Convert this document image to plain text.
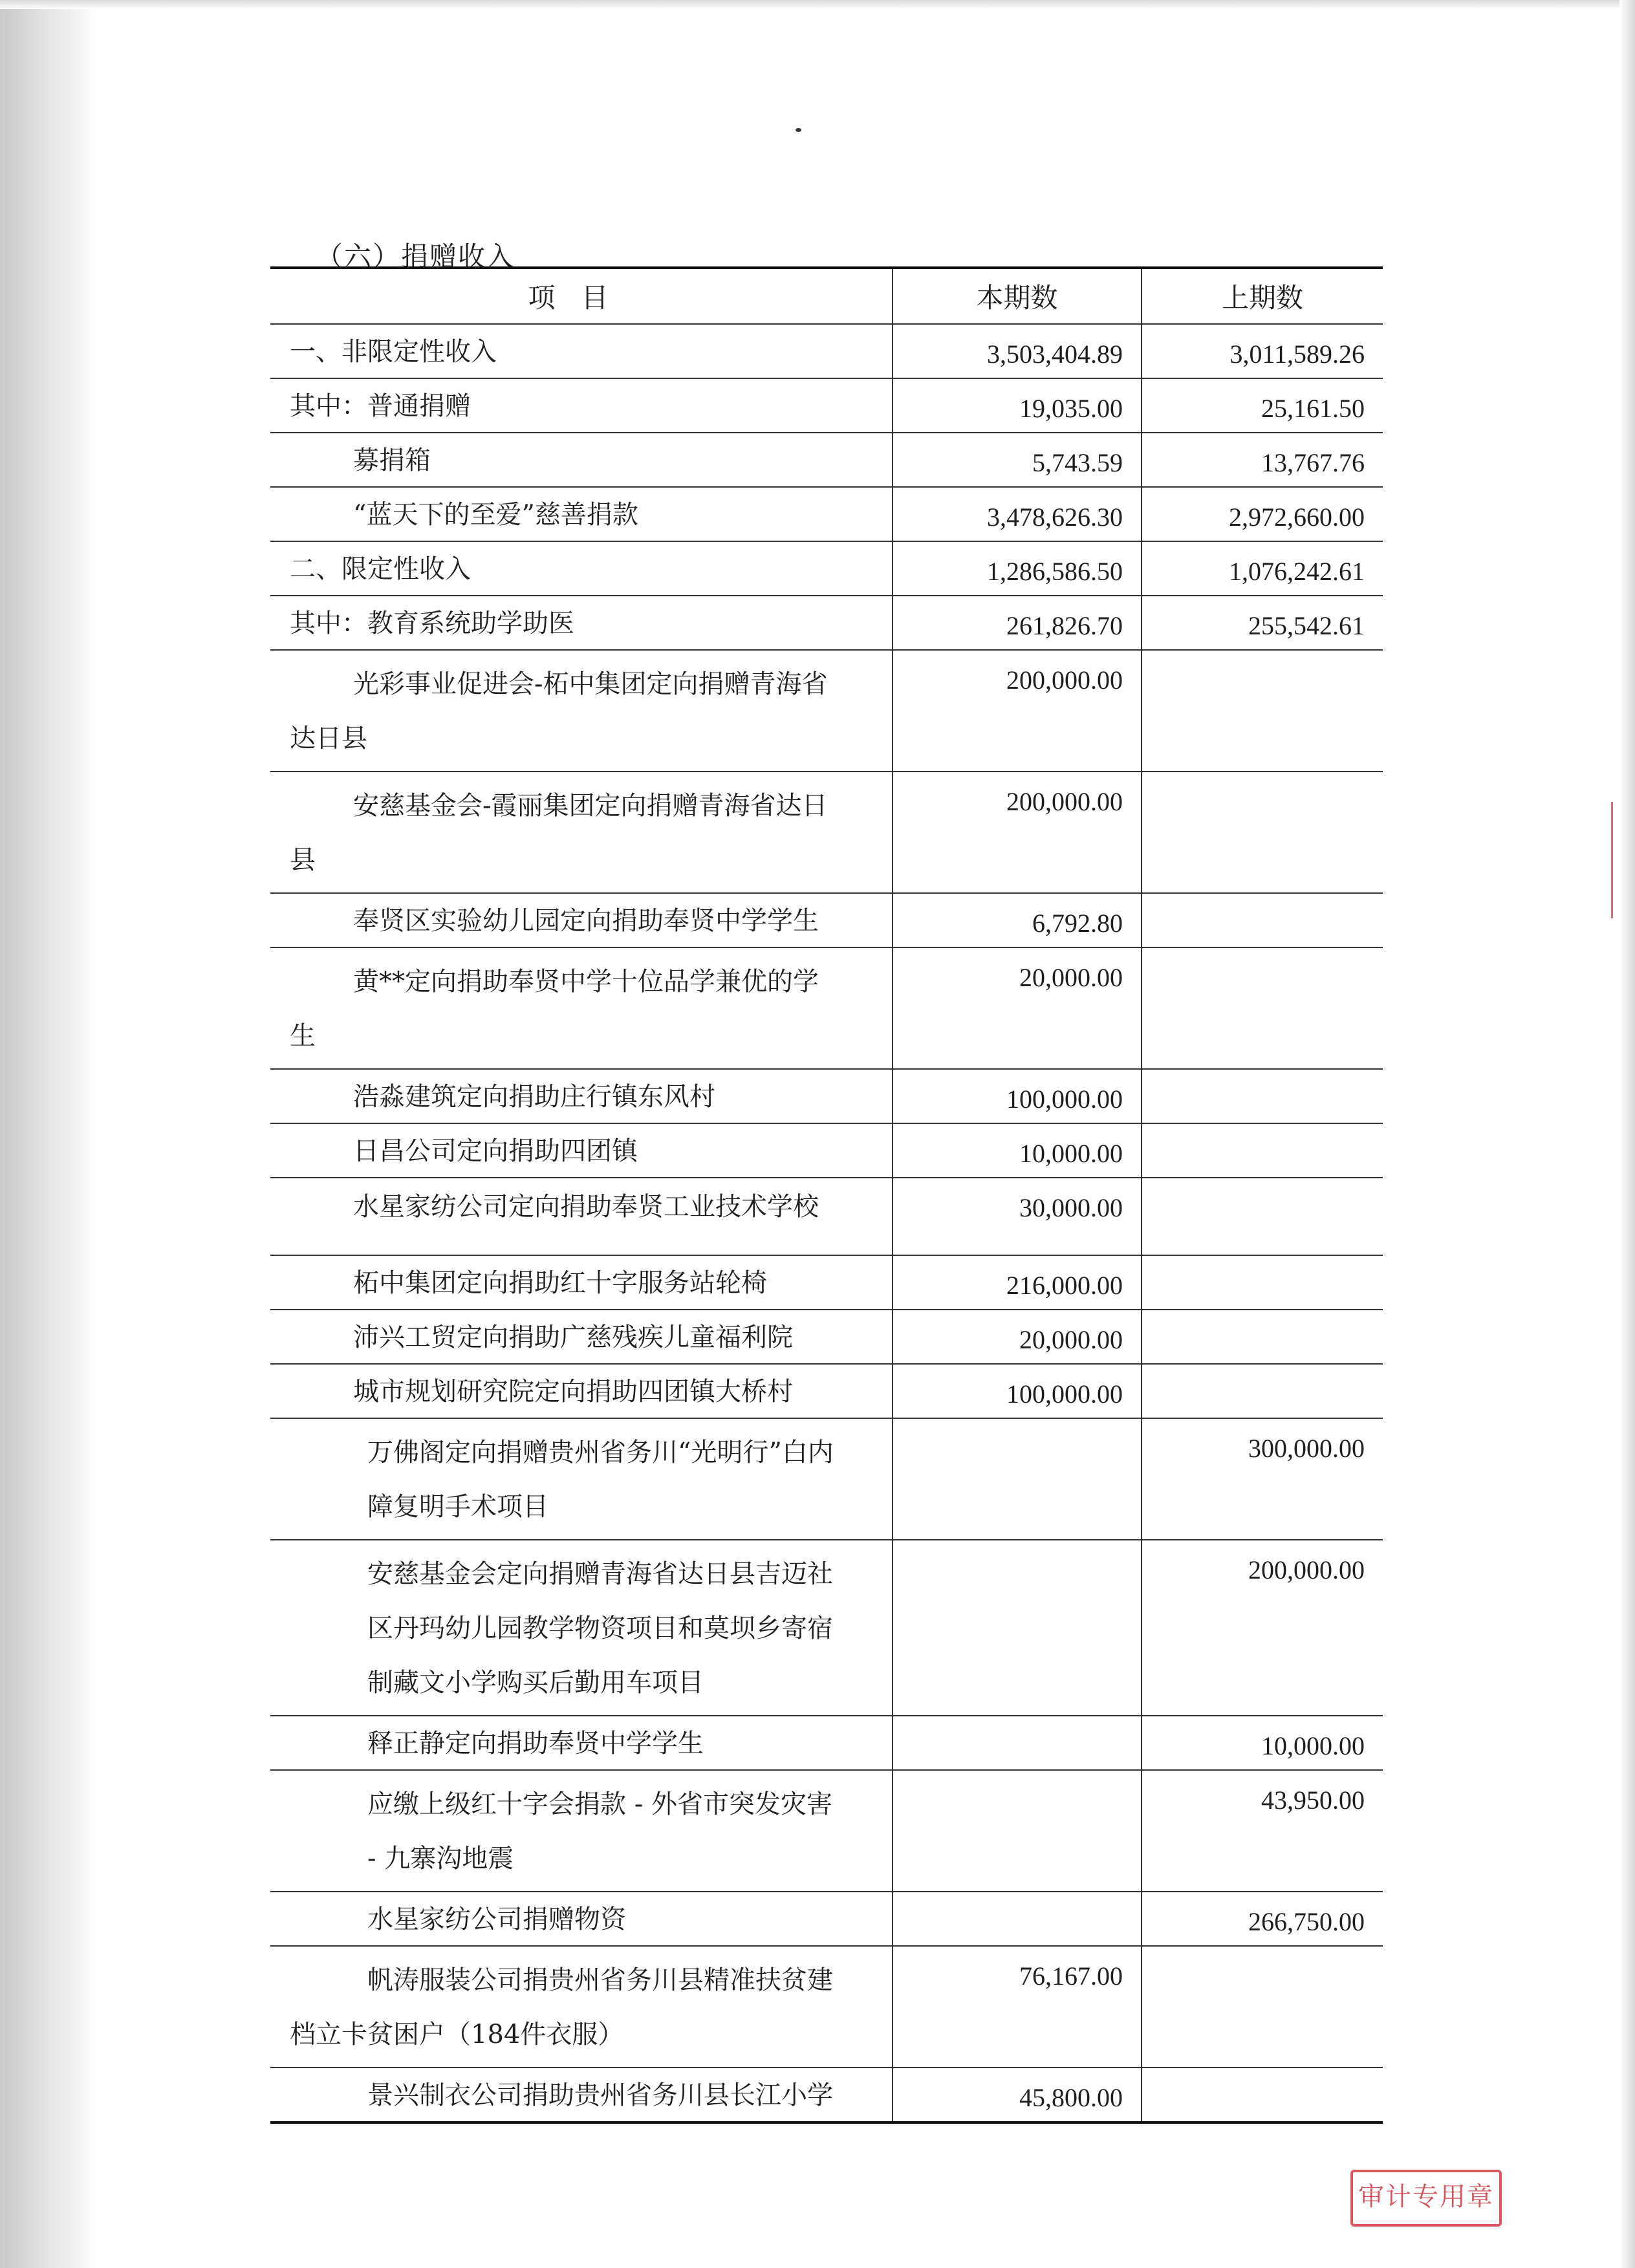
（六）捐赠收入
项目	本期数	上期数
一、非限定性收入	3,503,404.89	3,011,589.26
其中：普通捐赠	19,035.00	25,161.50
募捐箱	5,743.59	13,767.76
“蓝天下的至爱”慈善捐款	3,478,626.30	2,972,660.00
二、限定性收入	1,286,586.50	1,076,242.61
其中：教育系统助学助医	261,826.70	255,542.61
光彩事业促进会-柘中集团定向捐赠青海省
达日县	200,000.00	
安慈基金会-霞丽集团定向捐赠青海省达日
县	200,000.00	
奉贤区实验幼儿园定向捐助奉贤中学学生	6,792.80	
黄**定向捐助奉贤中学十位品学兼优的学
生	20,000.00	
浩淼建筑定向捐助庄行镇东风村	100,000.00	
日昌公司定向捐助四团镇	10,000.00	
水星家纺公司定向捐助奉贤工业技术学校	30,000.00	
柘中集团定向捐助红十字服务站轮椅	216,000.00	
沛兴工贸定向捐助广慈残疾儿童福利院	20,000.00	
城市规划研究院定向捐助四团镇大桥村	100,000.00	
万佛阁定向捐赠贵州省务川“光明行”白内
障复明手术项目		300,000.00
安慈基金会定向捐赠青海省达日县吉迈社
区丹玛幼儿园教学物资项目和莫坝乡寄宿
制藏文小学购买后勤用车项目		200,000.00
释正静定向捐助奉贤中学学生		10,000.00
应缴上级红十字会捐款 - 外省市突发灾害
- 九寨沟地震		43,950.00
水星家纺公司捐赠物资		266,750.00
帆涛服装公司捐贵州省务川县精准扶贫建
档立卡贫困户（184件衣服）	76,167.00	
景兴制衣公司捐助贵州省务川县长江小学	45,800.00	
审计专用章
